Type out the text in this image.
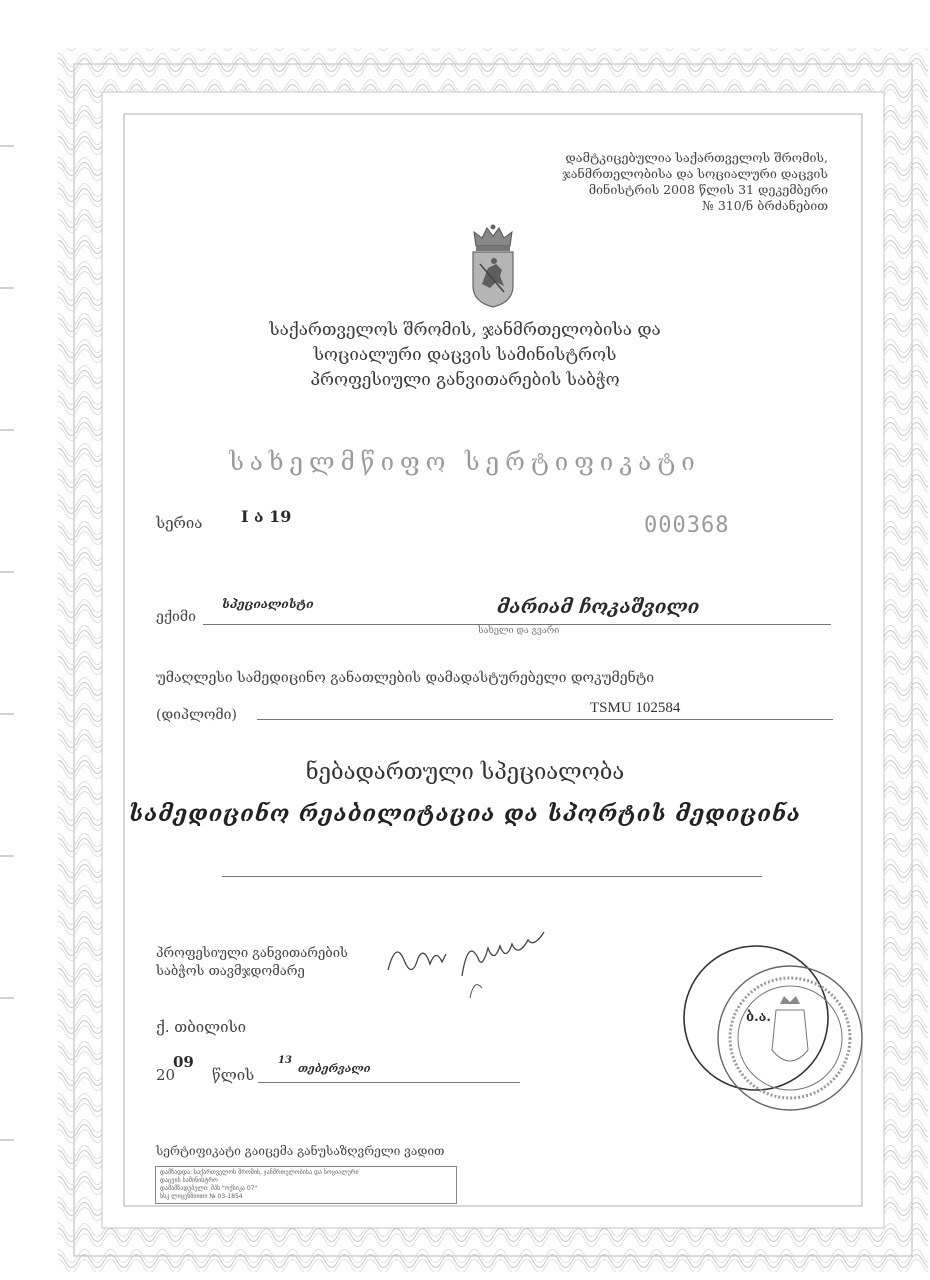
დამტკიცებულია საქართველოს შრომის,
ჯანმრთელობისა და სოციალური დაცვის
მინისტრის 2008 წლის 31 დეკემბერი
№ 310/ნ ბრძანებით
საქართველოს შრომის, ჯანმრთელობისა და
სოციალური დაცვის სამინისტროს
პროფესიული განვითარების საბჭო
სახელმწიფო სერტიფიკატი
სერია I ა 19	000368
ექიმი
სპეციალისტი	მარიამ ჩოკაშვილი
სახელი და გვარი
უმაღლესი სამედიცინო განათლების დამადასტურებელი დოკუმენტი
(დიპლომი)	TSMU 102584
ნებადართული სპეციალობა
სამედიცინო რეაბილიტაცია და სპორტის მედიცინა
პროფესიული განვითარების
საბჭოს თავმჯდომარე
ბ.ა.
ქ. თბილისი
20
09
წლის
13
თებერვალი
სერტიფიკატი გაიცემა განუსაზღვრელი ვადით
დამზადდა: საქართველოს შრომის, ჯანმრთელობისა და სოციალური
დაცვის სამინისტრო
დამამზადებელი: შპს "ოქსიკა 07"
სსკ ლიცენზიითი № 03-1854
